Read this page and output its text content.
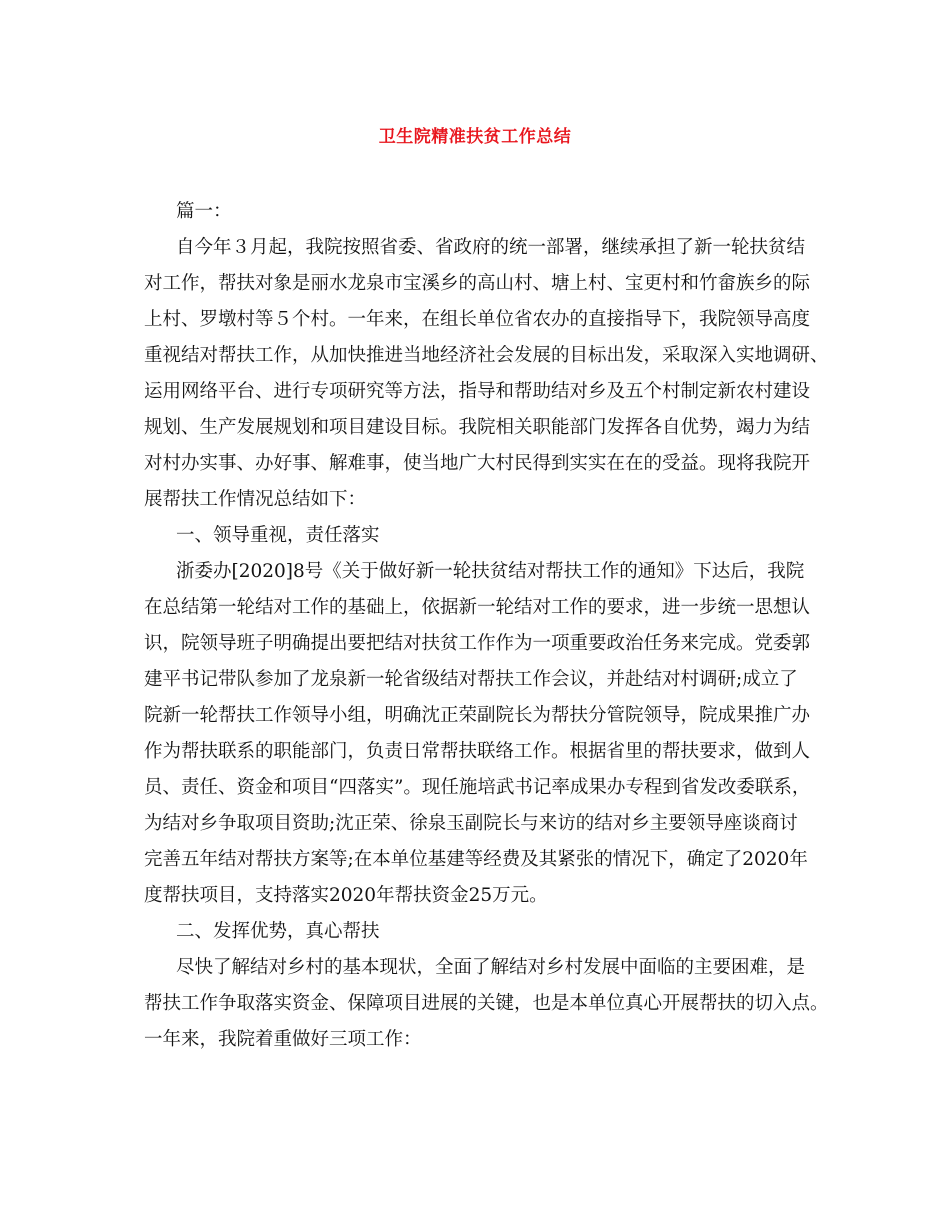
卫生院精准扶贫工作总结
篇一：
自今年３月起，我院按照省委、省政府的统一部署，继续承担了新一轮扶贫结
对工作，帮扶对象是丽水龙泉市宝溪乡的高山村、塘上村、宝更村和竹畲族乡的际
上村、罗墩村等５个村。一年来，在组长单位省农办的直接指导下，我院领导高度
重视结对帮扶工作，从加快推进当地经济社会发展的目标出发，采取深入实地调研、
运用网络平台、进行专项研究等方法，指导和帮助结对乡及五个村制定新农村建设
规划、生产发展规划和项目建设目标。我院相关职能部门发挥各自优势，竭力为结
对村办实事、办好事、解难事，使当地广大村民得到实实在在的受益。现将我院开
展帮扶工作情况总结如下：
一、领导重视，责任落实
浙委办[2020]8号《关于做好新一轮扶贫结对帮扶工作的通知》下达后，我院
在总结第一轮结对工作的基础上，依据新一轮结对工作的要求，进一步统一思想认
识，院领导班子明确提出要把结对扶贫工作作为一项重要政治任务来完成。党委郭
建平书记带队参加了龙泉新一轮省级结对帮扶工作会议，并赴结对村调研;成立了
院新一轮帮扶工作领导小组，明确沈正荣副院长为帮扶分管院领导，院成果推广办
作为帮扶联系的职能部门，负责日常帮扶联络工作。根据省里的帮扶要求，做到人
员、责任、资金和项目“四落实”。现任施培武书记率成果办专程到省发改委联系，
为结对乡争取项目资助;沈正荣、徐泉玉副院长与来访的结对乡主要领导座谈商讨
完善五年结对帮扶方案等;在本单位基建等经费及其紧张的情况下，确定了2020年
度帮扶项目，支持落实2020年帮扶资金25万元。
二、发挥优势，真心帮扶
尽快了解结对乡村的基本现状，全面了解结对乡村发展中面临的主要困难，是
帮扶工作争取落实资金、保障项目进展的关键，也是本单位真心开展帮扶的切入点。
一年来，我院着重做好三项工作：
